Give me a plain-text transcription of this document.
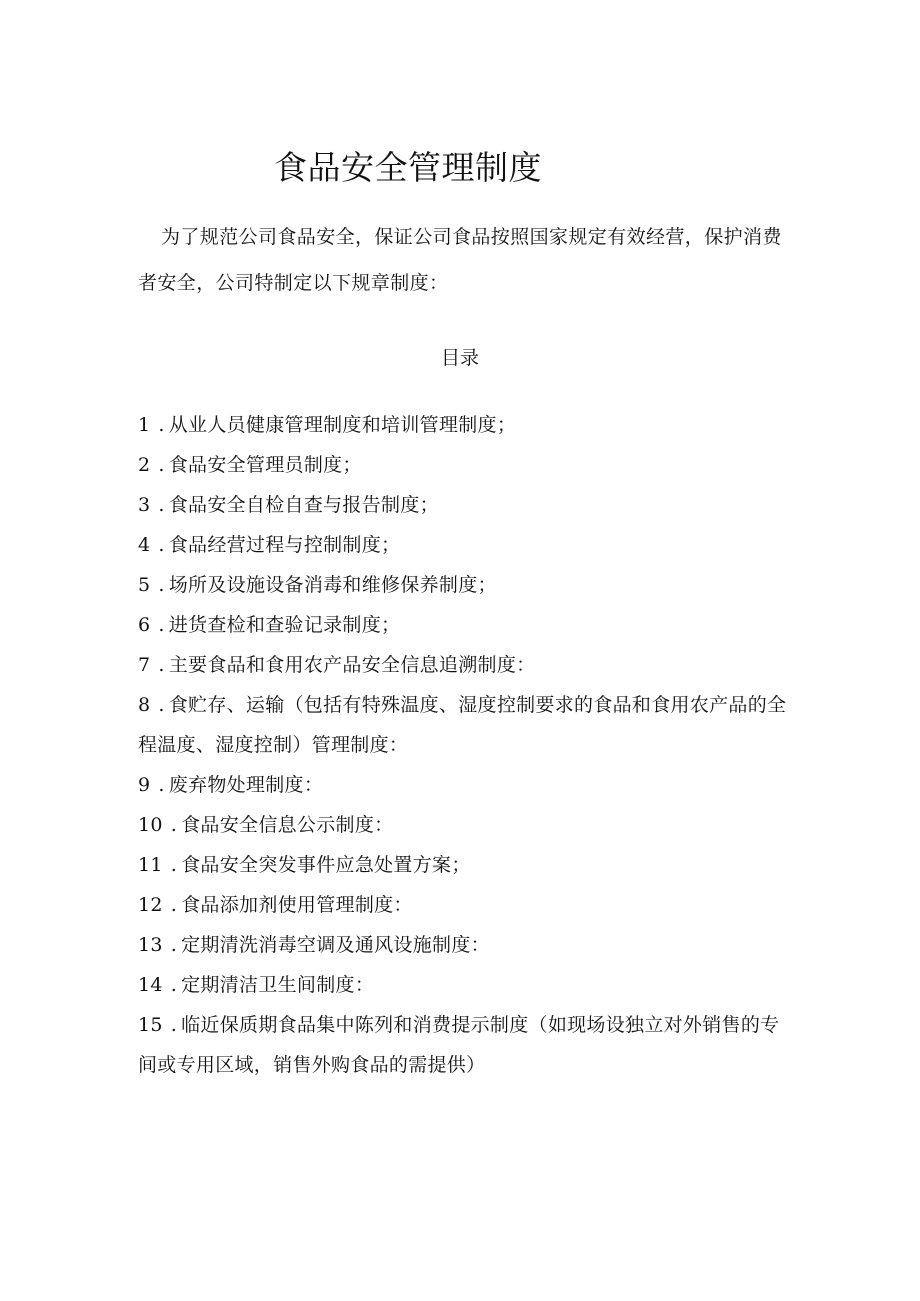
食品安全管理制度

为了规范公司食品安全，保证公司食品按照国家规定有效经营，保护消费者安全，公司特制定以下规章制度：

目录
1 . 从业人员健康管理制度和培训管理制度；
2 . 食品安全管理员制度；
3 . 食品安全自检自查与报告制度；
4 . 食品经营过程与控制制度；
5 . 场所及设施设备消毒和维修保养制度；
6 . 进货查检和查验记录制度；
7 . 主要食品和食用农产品安全信息追溯制度：
8 . 食贮存、运输（包括有特殊温度、湿度控制要求的食品和食用农产品的全程温度、湿度控制）管理制度：
9 . 废弃物处理制度：
10 . 食品安全信息公示制度：
11 . 食品安全突发事件应急处置方案；
12 . 食品添加剂使用管理制度：
13 . 定期清洗消毒空调及通风设施制度：
14 . 定期清洁卫生间制度：
15 . 临近保质期食品集中陈列和消费提示制度（如现场设独立对外销售的专间或专用区域，销售外购食品的需提供）
